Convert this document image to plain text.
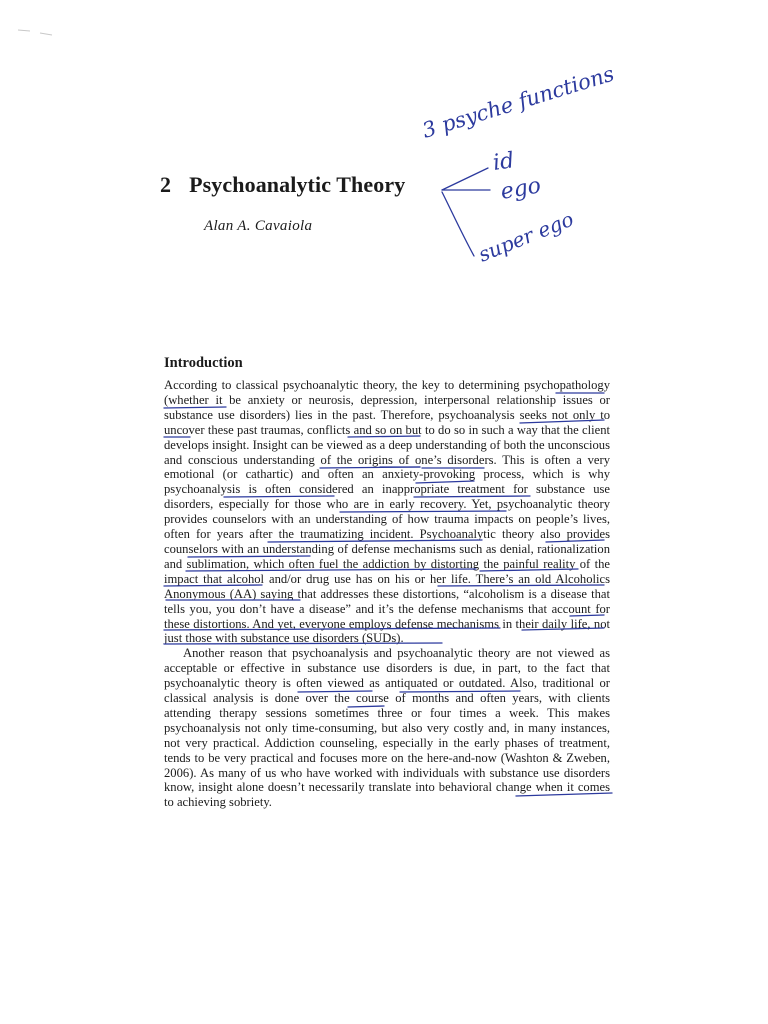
2 Psychoanalytic Theory
Alan A. Cavaiola
Introduction

According to classical psychoanalytic theory, the key to determining psychopathology (whether it be anxiety or neurosis, depression, interpersonal relationship issues or substance use disorders) lies in the past. Therefore, psychoanalysis seeks not only to uncover these past traumas, conflicts and so on but to do so in such a way that the client develops insight. Insight can be viewed as a deep understanding of both the unconscious and conscious understanding of the origins of one’s disorders. This is often a very emotional (or cathartic) and often an anxiety-provoking process, which is why psychoanalysis is often considered an inappropriate treatment for substance use disorders, especially for those who are in early recovery. Yet, psychoanalytic theory provides counselors with an understanding of how trauma impacts on people’s lives, often for years after the traumatizing incident. Psychoanalytic theory also provides counselors with an understanding of defense mechanisms such as denial, rationalization and sublimation, which often fuel the addiction by distorting the painful reality of the impact that alcohol and/or drug use has on his or her life. There’s an old Alcoholics Anonymous (AA) saying that addresses these distortions, “alcoholism is a disease that tells you, you don’t have a disease” and it’s the defense mechanisms that account for these distortions. And yet, everyone employs defense mechanisms in their daily life, not just those with substance use disorders (SUDs).

Another reason that psychoanalysis and psychoanalytic theory are not viewed as acceptable or effective in substance use disorders is due, in part, to the fact that psychoanalytic theory is often viewed as antiquated or outdated. Also, traditional or classical analysis is done over the course of months and often years, with clients attending therapy sessions sometimes three or four times a week. This makes psychoanalysis not only time-consuming, but also very costly and, in many instances, not very practical. Addiction counseling, especially in the early phases of treatment, tends to be very practical and focuses more on the here-and-now (Washton & Zweben, 2006). As many of us who have worked with individuals with substance use disorders know, insight alone doesn’t necessarily translate into behavioral change when it comes to achieving sobriety.

3 psyche functions
id
ego
super ego
